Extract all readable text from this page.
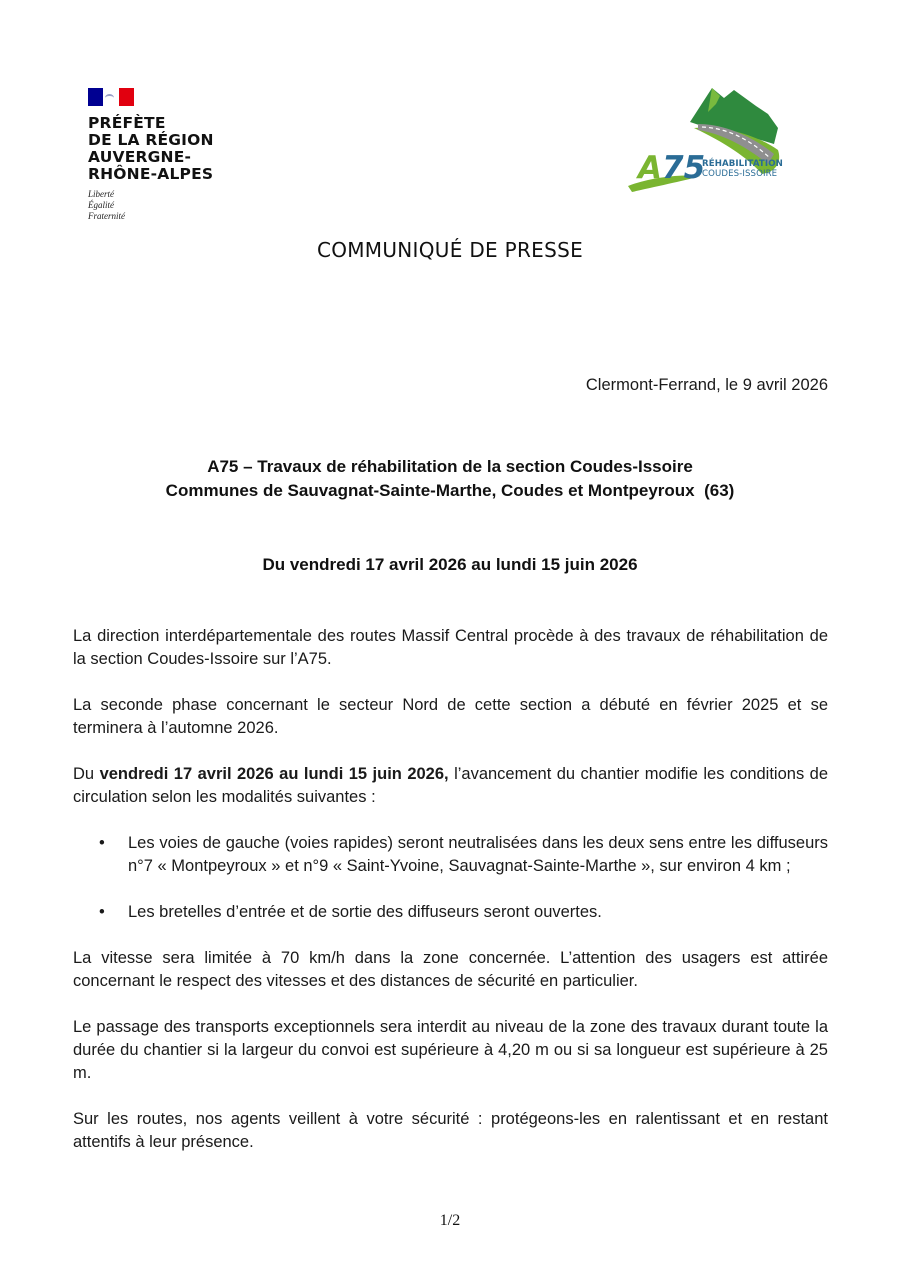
PRÉFÈTE
DE LA RÉGION
AUVERGNE-
RHÔNE-ALPES
Liberté
Égalité
Fraternité
A75
RÉHABILITATION
COUDES-ISSOIRE
COMMUNIQUÉ DE PRESSE
Clermont-Ferrand, le 9 avril 2026
A75 – Travaux de réhabilitation de la section Coudes-Issoire
Communes de Sauvagnat-Sainte-Marthe, Coudes et Montpeyroux  (63)
Du vendredi 17 avril 2026 au lundi 15 juin 2026

La direction interdépartementale des routes Massif Central procède à des travaux de réhabilitation de la section Coudes-Issoire sur l’A75.

La seconde phase concernant le secteur Nord de cette section a débuté en février 2025 et se terminera à l’automne 2026.

Du vendredi 17 avril 2026 au lundi 15 juin 2026, l’avancement du chantier modifie les conditions de circulation selon les modalités suivantes :

• Les voies de gauche (voies rapides) seront neutralisées dans les deux sens entre les diffuseurs n°7 « Montpeyroux » et n°9 « Saint-Yvoine, Sauvagnat-Sainte-Marthe », sur environ 4 km ;
• Les bretelles d’entrée et de sortie des diffuseurs seront ouvertes.

La vitesse sera limitée à 70 km/h dans la zone concernée. L’attention des usagers est attirée concernant le respect des vitesses et des distances de sécurité en particulier.

Le passage des transports exceptionnels sera interdit au niveau de la zone des travaux durant toute la durée du chantier si la largeur du convoi est supérieure à 4,20 m ou si sa longueur est supérieure à 25 m.

Sur les routes, nos agents veillent à votre sécurité : protégeons-les en ralentissant et en restant attentifs à leur présence.

1/2
